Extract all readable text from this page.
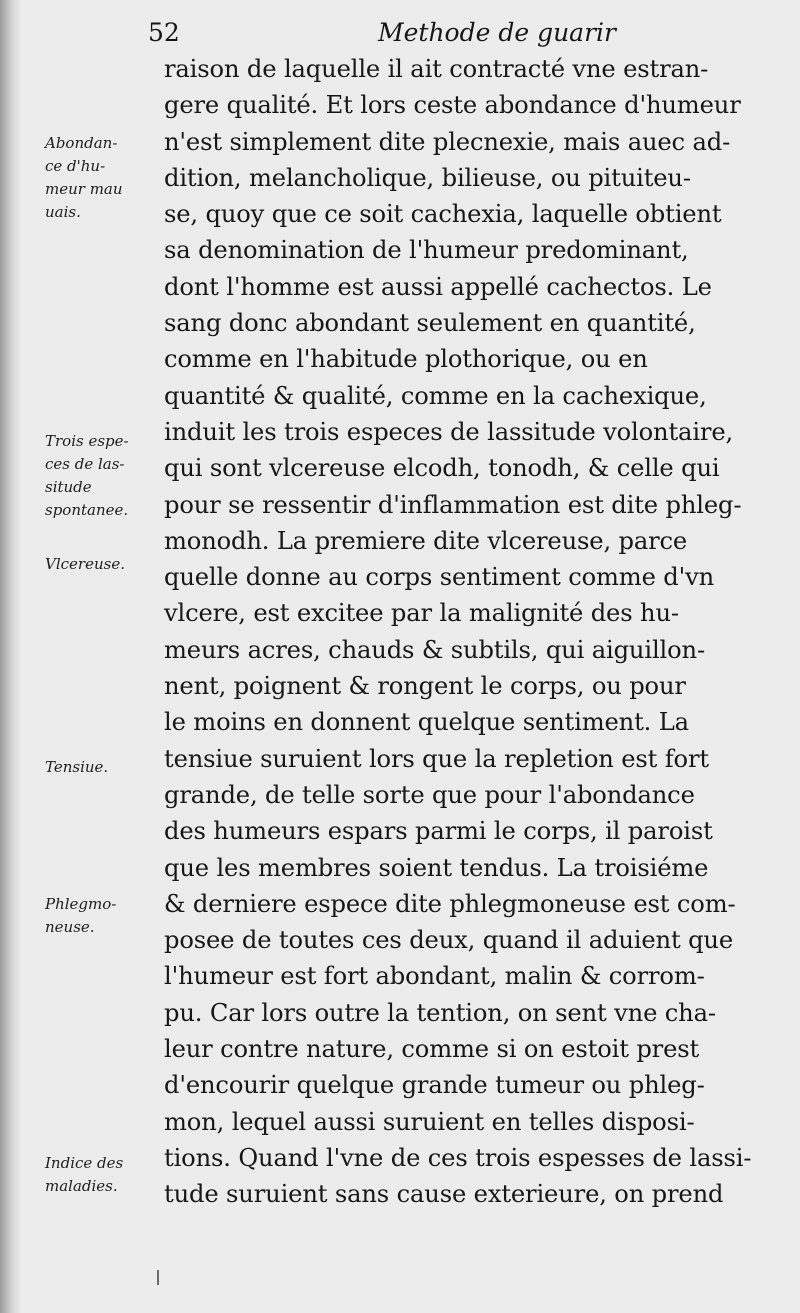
52	Methode de guarir
raison de laquelle il ait contracté vne estran-
gere qualité. Et lors ceste abondance d'humeur
n'est simplement dite plecnexie, mais auec ad-
dition, melancholique, bilieuse, ou pituiteu-
se, quoy que ce soit cachexia, laquelle obtient
sa denomination de l'humeur predominant,
dont l'homme est aussi appellé cachectos. Le
sang donc abondant seulement en quantité,
comme en l'habitude plothorique, ou en
quantité & qualité, comme en la cachexique,
induit les trois especes de lassitude volontaire,
qui sont vlcereuse elcodh, tonodh, & celle qui
pour se ressentir d'inflammation est dite phleg-
monodh. La premiere dite vlcereuse, parce
quelle donne au corps sentiment comme d'vn
vlcere, est excitee par la malignité des hu-
meurs acres, chauds & subtils, qui aiguillon-
nent, poignent & rongent le corps, ou pour
le moins en donnent quelque sentiment. La
tensiue suruient lors que la repletion est fort
grande, de telle sorte que pour l'abondance
des humeurs espars parmi le corps, il paroist
que les membres soient tendus. La troisiéme
& derniere espece dite phlegmoneuse est com-
posee de toutes ces deux, quand il aduient que
l'humeur est fort abondant, malin & corrom-
pu. Car lors outre la tention, on sent vne cha-
leur contre nature, comme si on estoit prest
d'encourir quelque grande tumeur ou phleg-
mon, lequel aussi suruient en telles disposi-
tions. Quand l'vne de ces trois espesses de lassi-
tude suruient sans cause exterieure, on prend
Abondan-
ce d'hu-
meur mau
uais.
Trois espe-
ces de las-
situde
spontanee.
Vlcereuse.
Tensiue.
Phlegmo-
neuse.
Indice des
maladies.
